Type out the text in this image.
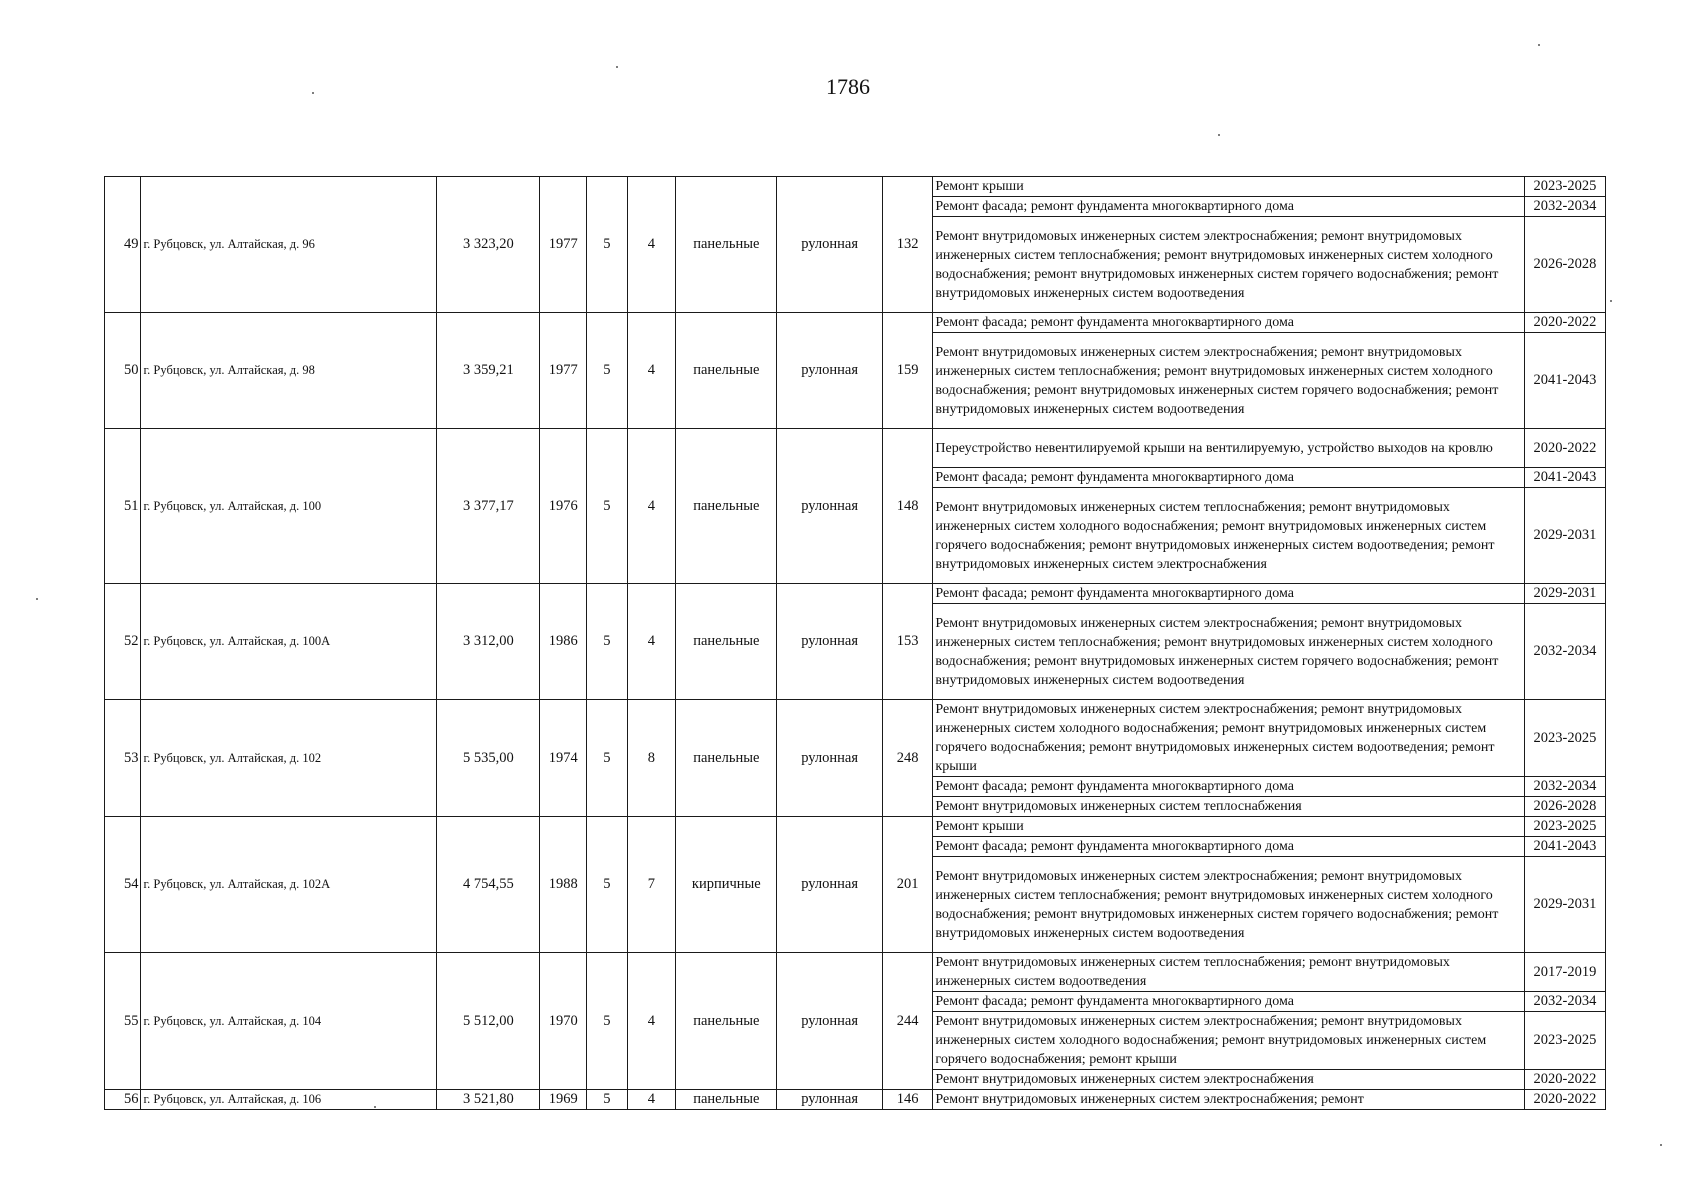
1786
49	г. Рубцовск, ул. Алтайская, д. 96	3 323,20	1977	5	4	панельные	рулонная	132	Ремонт крыши	2023-2025
									Ремонт фасада; ремонт фундамента многоквартирного дома	2032-2034
									Ремонт внутридомовых инженерных систем электроснабжения; ремонт внутридомовых инженерных систем теплоснабжения; ремонт внутридомовых инженерных систем холодного водоснабжения; ремонт внутридомовых инженерных систем горячего водоснабжения; ремонт внутридомовых инженерных систем водоотведения	2026-2028
50	г. Рубцовск, ул. Алтайская, д. 98	3 359,21	1977	5	4	панельные	рулонная	159	Ремонт фасада; ремонт фундамента многоквартирного дома	2020-2022
									Ремонт внутридомовых инженерных систем электроснабжения; ремонт внутридомовых инженерных систем теплоснабжения; ремонт внутридомовых инженерных систем холодного водоснабжения; ремонт внутридомовых инженерных систем горячего водоснабжения; ремонт внутридомовых инженерных систем водоотведения	2041-2043
51	г. Рубцовск, ул. Алтайская, д. 100	3 377,17	1976	5	4	панельные	рулонная	148	Переустройство невентилируемой крыши на вентилируемую, устройство выходов на кровлю	2020-2022
									Ремонт фасада; ремонт фундамента многоквартирного дома	2041-2043
									Ремонт внутридомовых инженерных систем теплоснабжения; ремонт внутридомовых инженерных систем холодного водоснабжения; ремонт внутридомовых инженерных систем горячего водоснабжения; ремонт внутридомовых инженерных систем водоотведения; ремонт внутридомовых инженерных систем электроснабжения	2029-2031
52	г. Рубцовск, ул. Алтайская, д. 100А	3 312,00	1986	5	4	панельные	рулонная	153	Ремонт фасада; ремонт фундамента многоквартирного дома	2029-2031
									Ремонт внутридомовых инженерных систем электроснабжения; ремонт внутридомовых инженерных систем теплоснабжения; ремонт внутридомовых инженерных систем холодного водоснабжения; ремонт внутридомовых инженерных систем горячего водоснабжения; ремонт внутридомовых инженерных систем водоотведения	2032-2034
53	г. Рубцовск, ул. Алтайская, д. 102	5 535,00	1974	5	8	панельные	рулонная	248	Ремонт внутридомовых инженерных систем электроснабжения; ремонт внутридомовых инженерных систем холодного водоснабжения; ремонт внутридомовых инженерных систем горячего водоснабжения; ремонт внутридомовых инженерных систем водоотведения; ремонт крыши	2023-2025
									Ремонт фасада; ремонт фундамента многоквартирного дома	2032-2034
									Ремонт внутридомовых инженерных систем теплоснабжения	2026-2028
54	г. Рубцовск, ул. Алтайская, д. 102А	4 754,55	1988	5	7	кирпичные	рулонная	201	Ремонт крыши	2023-2025
									Ремонт фасада; ремонт фундамента многоквартирного дома	2041-2043
									Ремонт внутридомовых инженерных систем электроснабжения; ремонт внутридомовых инженерных систем теплоснабжения; ремонт внутридомовых инженерных систем холодного водоснабжения; ремонт внутридомовых инженерных систем горячего водоснабжения; ремонт внутридомовых инженерных систем водоотведения	2029-2031
55	г. Рубцовск, ул. Алтайская, д. 104	5 512,00	1970	5	4	панельные	рулонная	244	Ремонт внутридомовых инженерных систем теплоснабжения; ремонт внутридомовых инженерных систем водоотведения	2017-2019
									Ремонт фасада; ремонт фундамента многоквартирного дома	2032-2034
									Ремонт внутридомовых инженерных систем электроснабжения; ремонт внутридомовых инженерных систем холодного водоснабжения; ремонт внутридомовых инженерных систем горячего водоснабжения; ремонт крыши	2023-2025
									Ремонт внутридомовых инженерных систем электроснабжения	2020-2022
56	г. Рубцовск, ул. Алтайская, д. 106	3 521,80	1969	5	4	панельные	рулонная	146	Ремонт внутридомовых инженерных систем электроснабжения; ремонт	2020-2022
